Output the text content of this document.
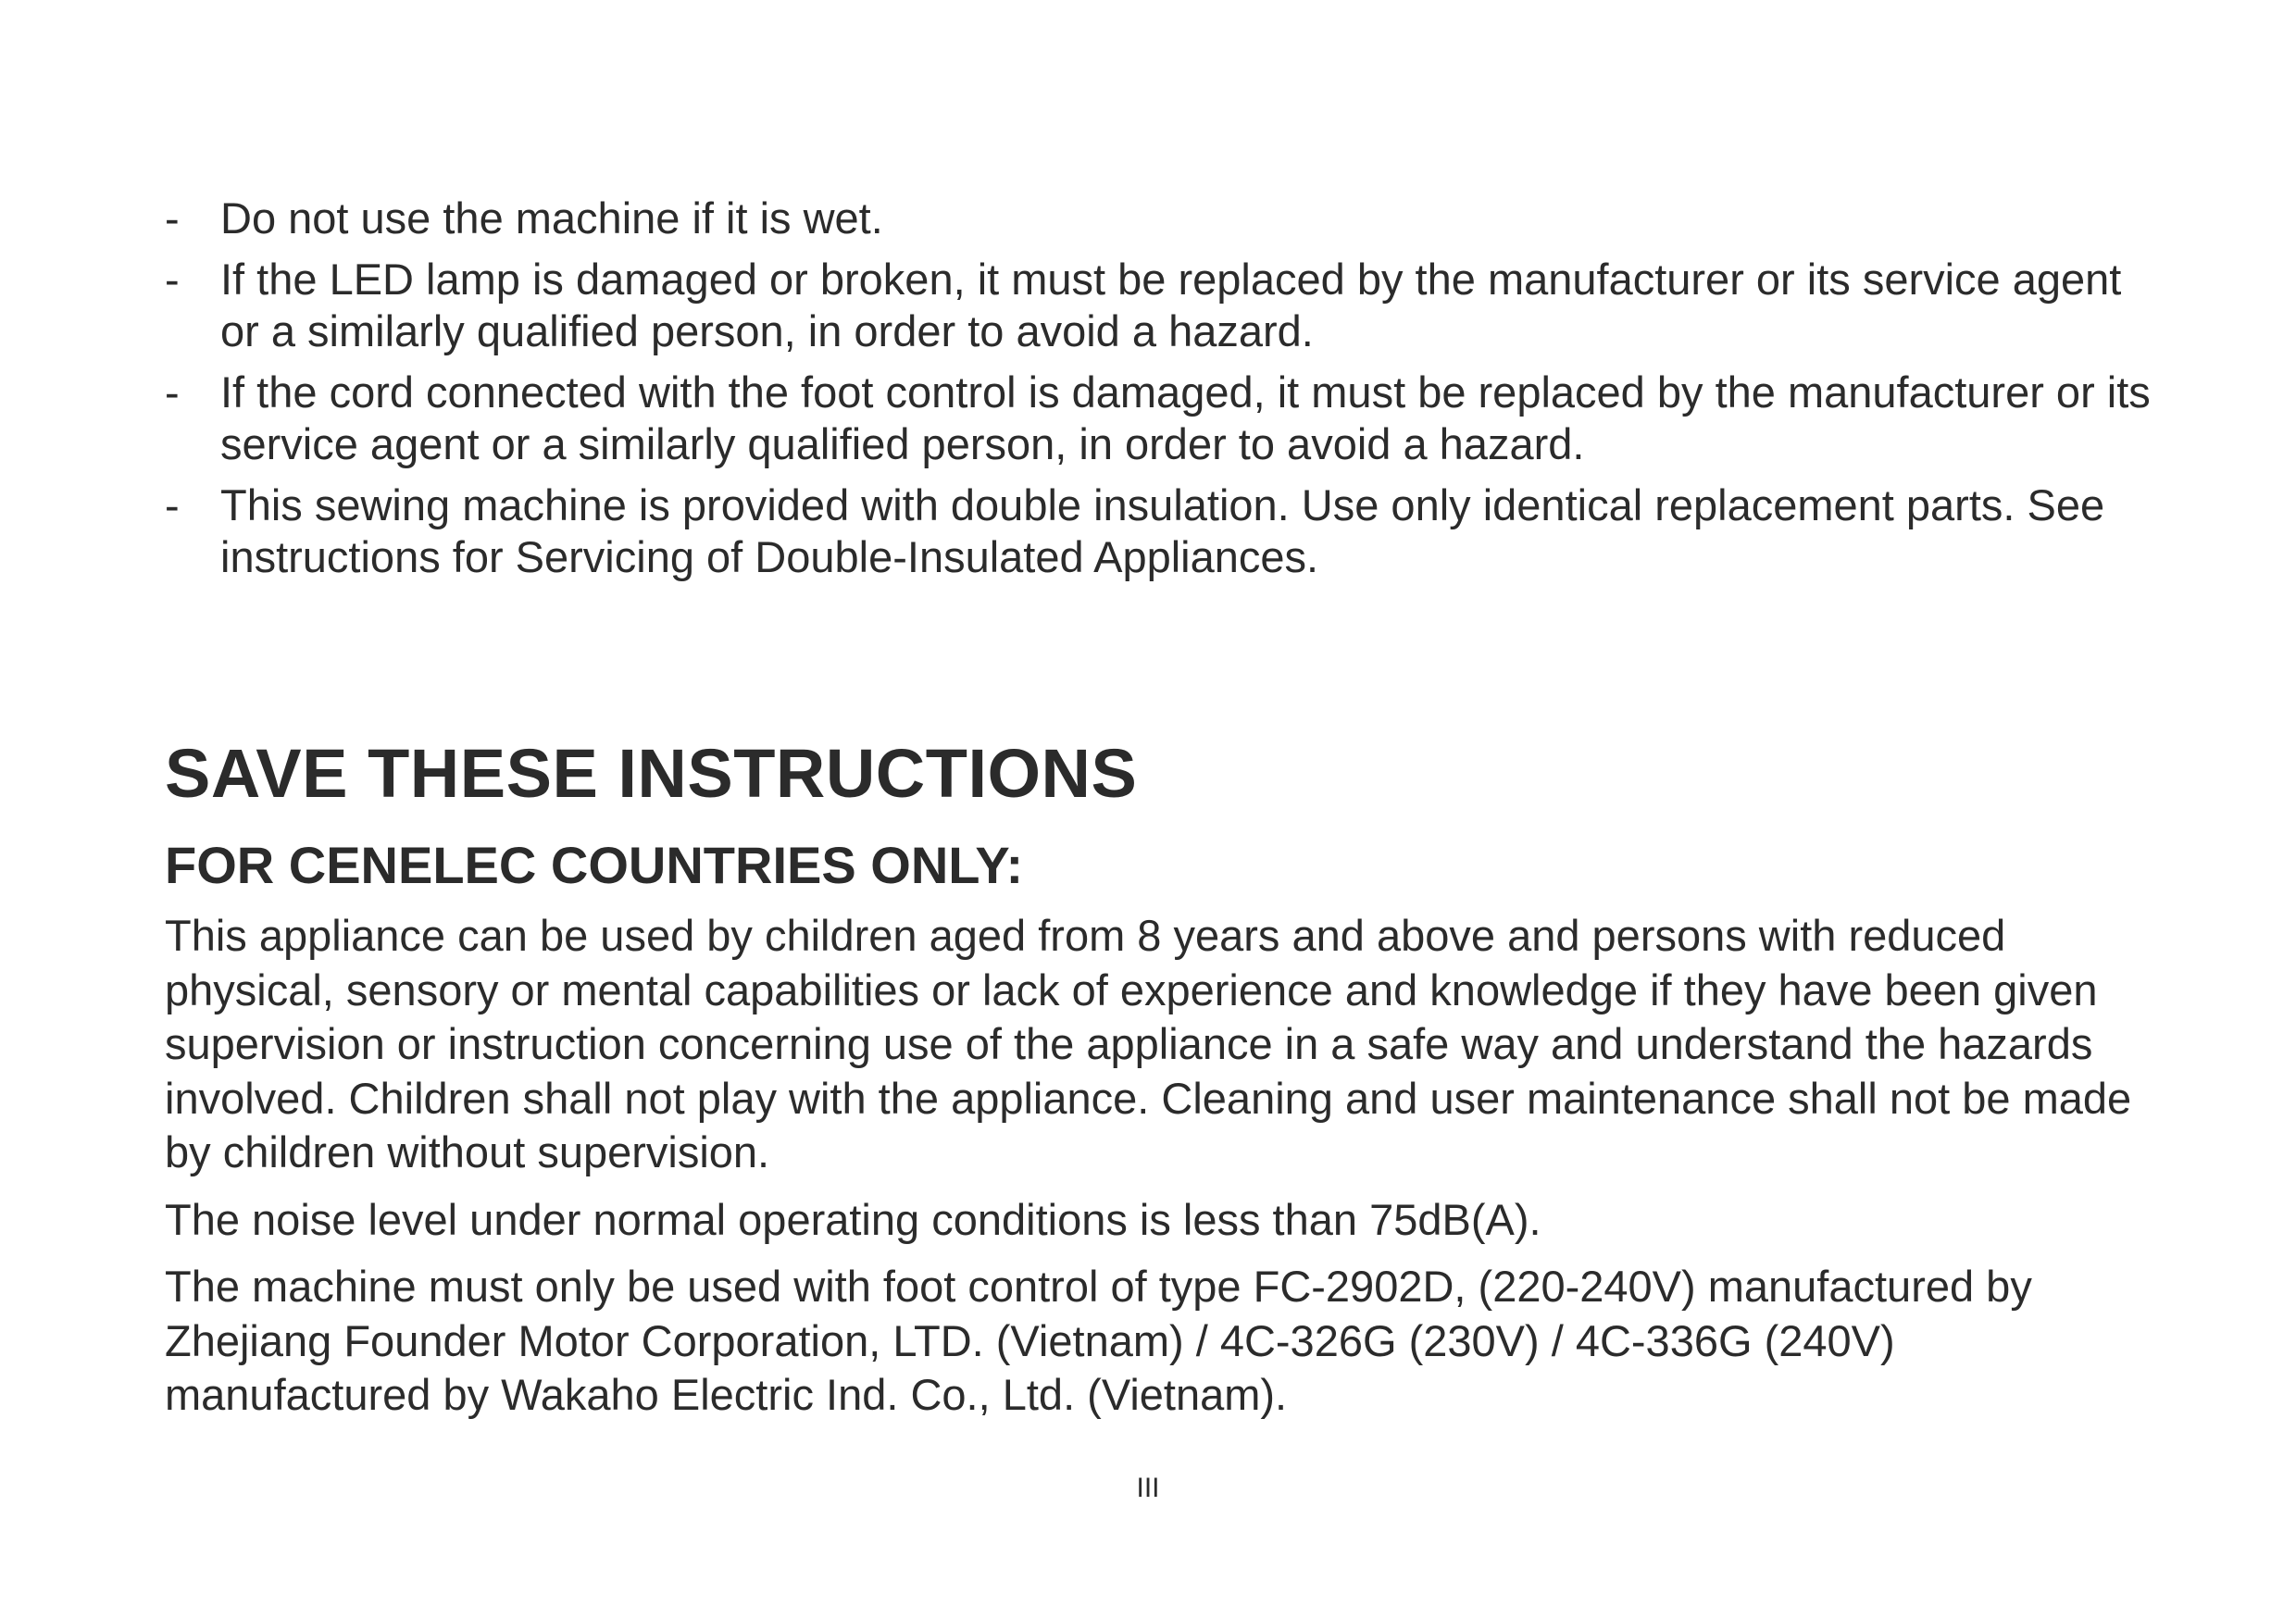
- Do not use the machine if it is wet.
- If the LED lamp is damaged or broken, it must be replaced by the manufacturer or its service agent or a similarly qualified person, in order to avoid a hazard.
- If the cord connected with the foot control is damaged, it must be replaced by the manufacturer or its service agent or a similarly qualified person, in order to avoid a hazard.
- This sewing machine is provided with double insulation. Use only identical replacement parts. See instructions for Servicing of Double-Insulated Appliances.
SAVE THESE INSTRUCTIONS
FOR CENELEC COUNTRIES ONLY:

This appliance can be used by children aged from 8 years and above and persons with reduced physical, sensory or mental capabilities or lack of experience and knowledge if they have been given supervision or instruction concerning use of the appliance in a safe way and understand the hazards involved. Children shall not play with the appliance. Cleaning and user maintenance shall not be made by children without supervision.

The noise level under normal operating conditions is less than 75dB(A).

The machine must only be used with foot control of type FC-2902D, (220-240V) manufactured by Zhejiang Founder Motor Corporation, LTD. (Vietnam) / 4C-326G (230V) / 4C-336G (240V) manufactured by Wakaho Electric Ind. Co., Ltd. (Vietnam).

III
